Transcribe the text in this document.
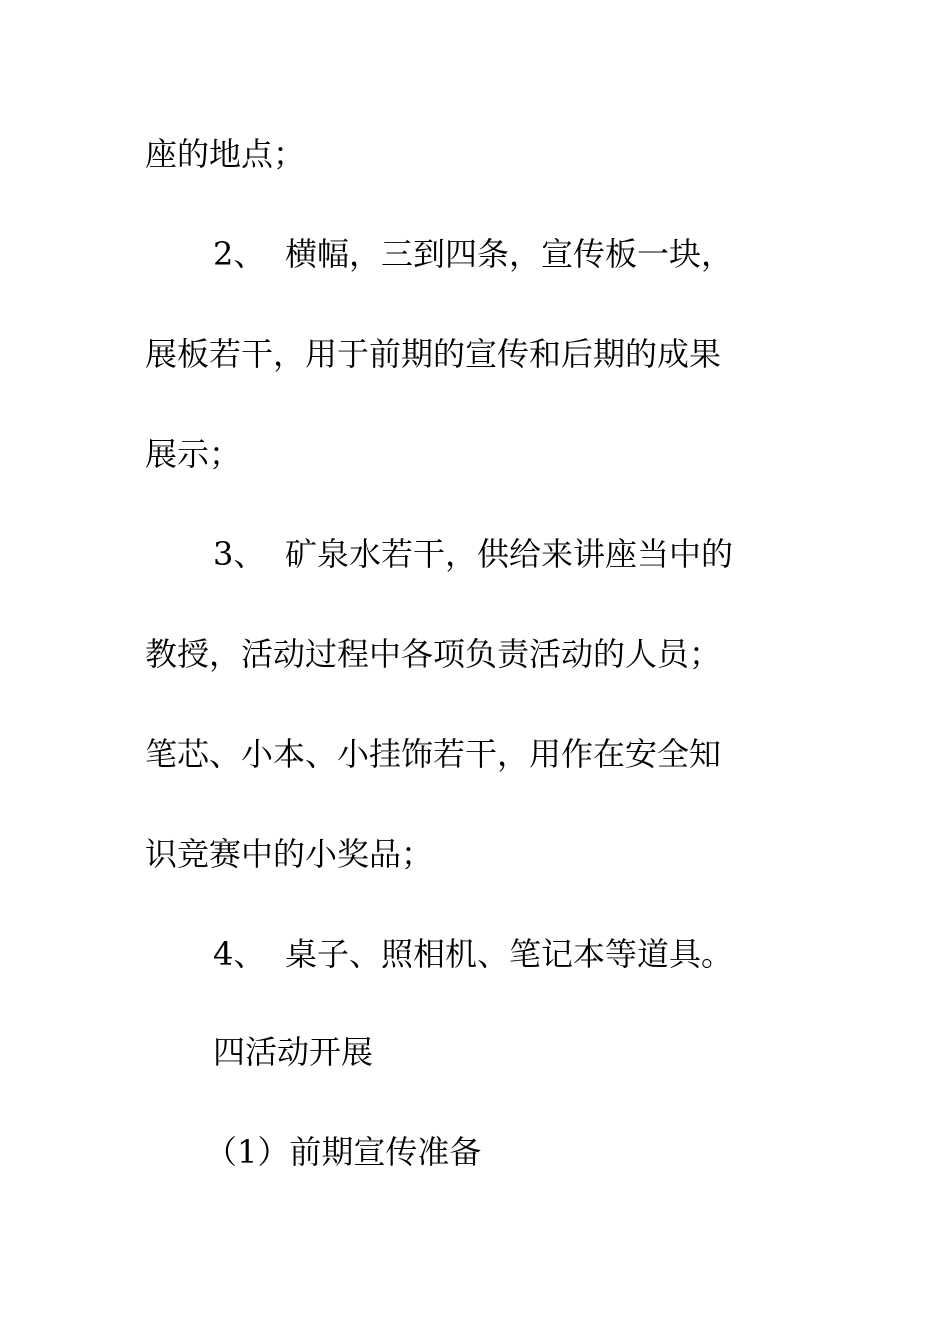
座的地点；
2、 横幅，三到四条，宣传板一块，
展板若干，用于前期的宣传和后期的成果
展示；
3、 矿泉水若干，供给来讲座当中的
教授，活动过程中各项负责活动的人员；
笔芯、小本、小挂饰若干，用作在安全知
识竞赛中的小奖品；
4、 桌子、照相机、笔记本等道具。
四活动开展
（1）前期宣传准备
